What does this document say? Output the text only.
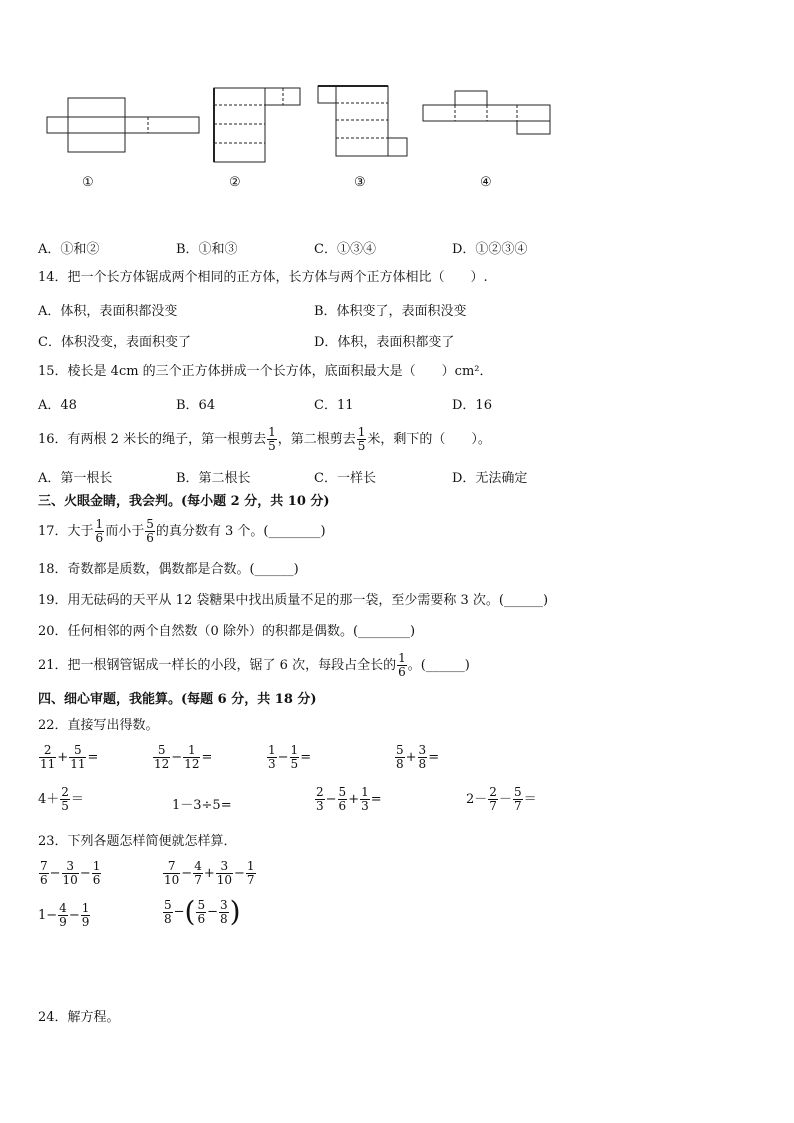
①	②	③	④
A．①和②	B．①和③	C．①③④	D．①②③④
14．把一个长方体锯成两个相同的正方体，长方体与两个正方体相比（　　）.
A．体积，表面积都没变	B．体积变了，表面积没变
C．体积没变，表面积变了	D．体积，表面积都变了
15．棱长是 4cm 的三个正方体拼成一个长方体，底面积最大是（　　）cm²．
A．48	B．64	C．11	D．16
16．有两根 2 米长的绳子，第一根剪去 $\frac{1}{5}$ ，第二根剪去 $\frac{1}{5}$ 米，剩下的（　　）。
A．第一根长	B．第二根长	C．一样长	D．无法确定
三、火眼金睛，我会判。(每小题 2 分，共 10 分)
17．大于 $\frac{1}{6}$ 而小于 $\frac{5}{6}$ 的真分数有 3 个。(________)
18．奇数都是质数，偶数都是合数。(______)
19．用无砝码的天平从 12 袋糖果中找出质量不足的那一袋，至少需要称 3 次。(______)
20．任何相邻的两个自然数（0 除外）的积都是偶数。(________)
21．把一根钢管锯成一样长的小段，锯了 6 次，每段占全长的 $\frac{1}{6}$ 。(______)
四、细心审题，我能算。(每题 6 分，共 18 分)
22．直接写出得数。
$\frac{2}{11} + \frac{5}{11}$ =	$\frac{5}{12} - \frac{1}{12}$ =	$\frac{1}{3} - \frac{1}{5}$ =	$\frac{5}{8} + \frac{3}{8}$ =
$4+ \frac{2}{5}$ ＝	1－3÷5=	$\frac{2}{3} - \frac{5}{6} + \frac{1}{3}$ =	$2- \frac{2}{7} - \frac{5}{7}$ ＝
23．下列各题怎样简便就怎样算．
$\frac{7}{6} - \frac{3}{10} - \frac{1}{6}$	$\frac{7}{10} - \frac{4}{7} + \frac{3}{10} - \frac{1}{7}$
$1- \frac{4}{9} - \frac{1}{9}$	$\frac{5}{8}$ −( $\frac{5}{6} - \frac{3}{8}$ )
24．解方程。
